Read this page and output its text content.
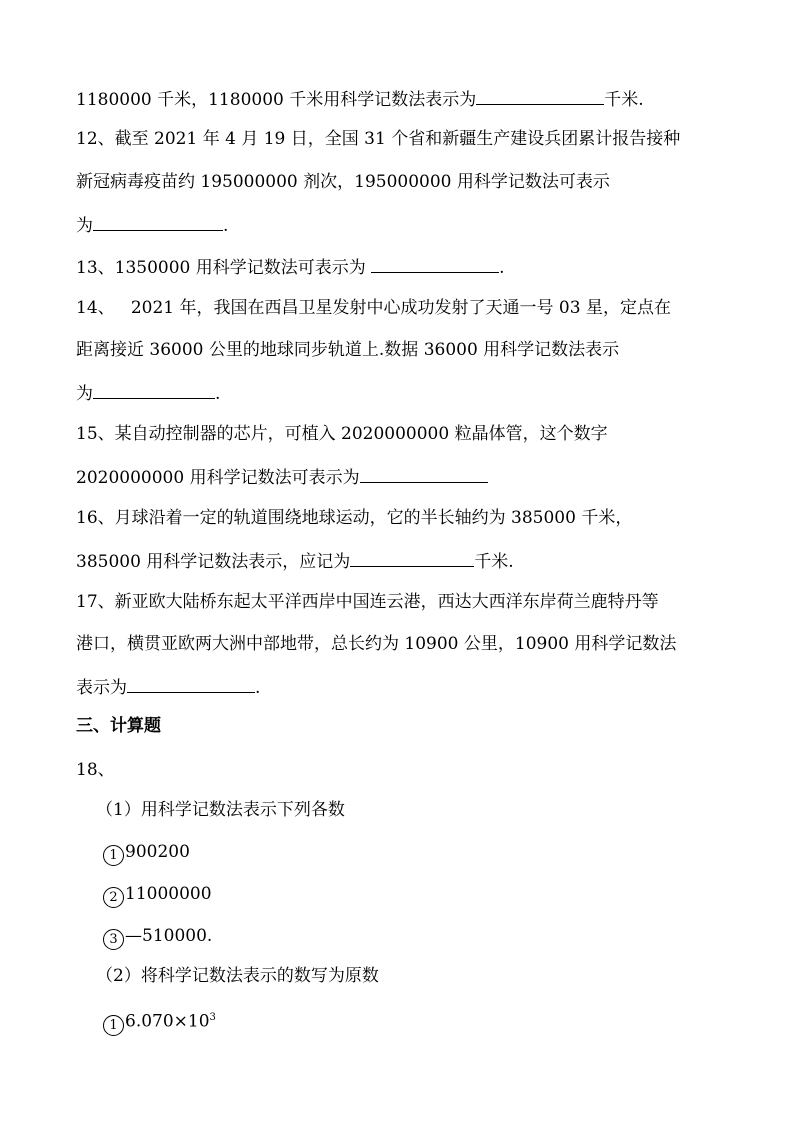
1180000 千米，1180000 千米用科学记数法表示为	千米.
12、截至 2021 年 4 月 19 日，全国 31 个省和新疆生产建设兵团累计报告接种
新冠病毒疫苗约 195000000 剂次，195000000 用科学记数法可表示
为	.
13、1350000 用科学记数法可表示为	.
14、   2021 年，我国在西昌卫星发射中心成功发射了天通一号 03 星，定点在
距离接近 36000 公里的地球同步轨道上.数据 36000 用科学记数法表示
为	.
15、某自动控制器的芯片，可植入 2020000000 粒晶体管，这个数字
2020000000 用科学记数法可表示为
16、月球沿着一定的轨道围绕地球运动，它的半长轴约为 385000 千米，
385000 用科学记数法表示，应记为	千米.
17、新亚欧大陆桥东起太平洋西岸中国连云港，西达大西洋东岸荷兰鹿特丹等
港口，横贯亚欧两大洲中部地带，总长约为 10900 公里，10900 用科学记数法
表示为	.
三、计算题
18、
（1）用科学记数法表示下列各数
1 900200
2 11000000
3 —510000.
（2）将科学记数法表示的数写为原数
1 $6.070\times 10^3$
